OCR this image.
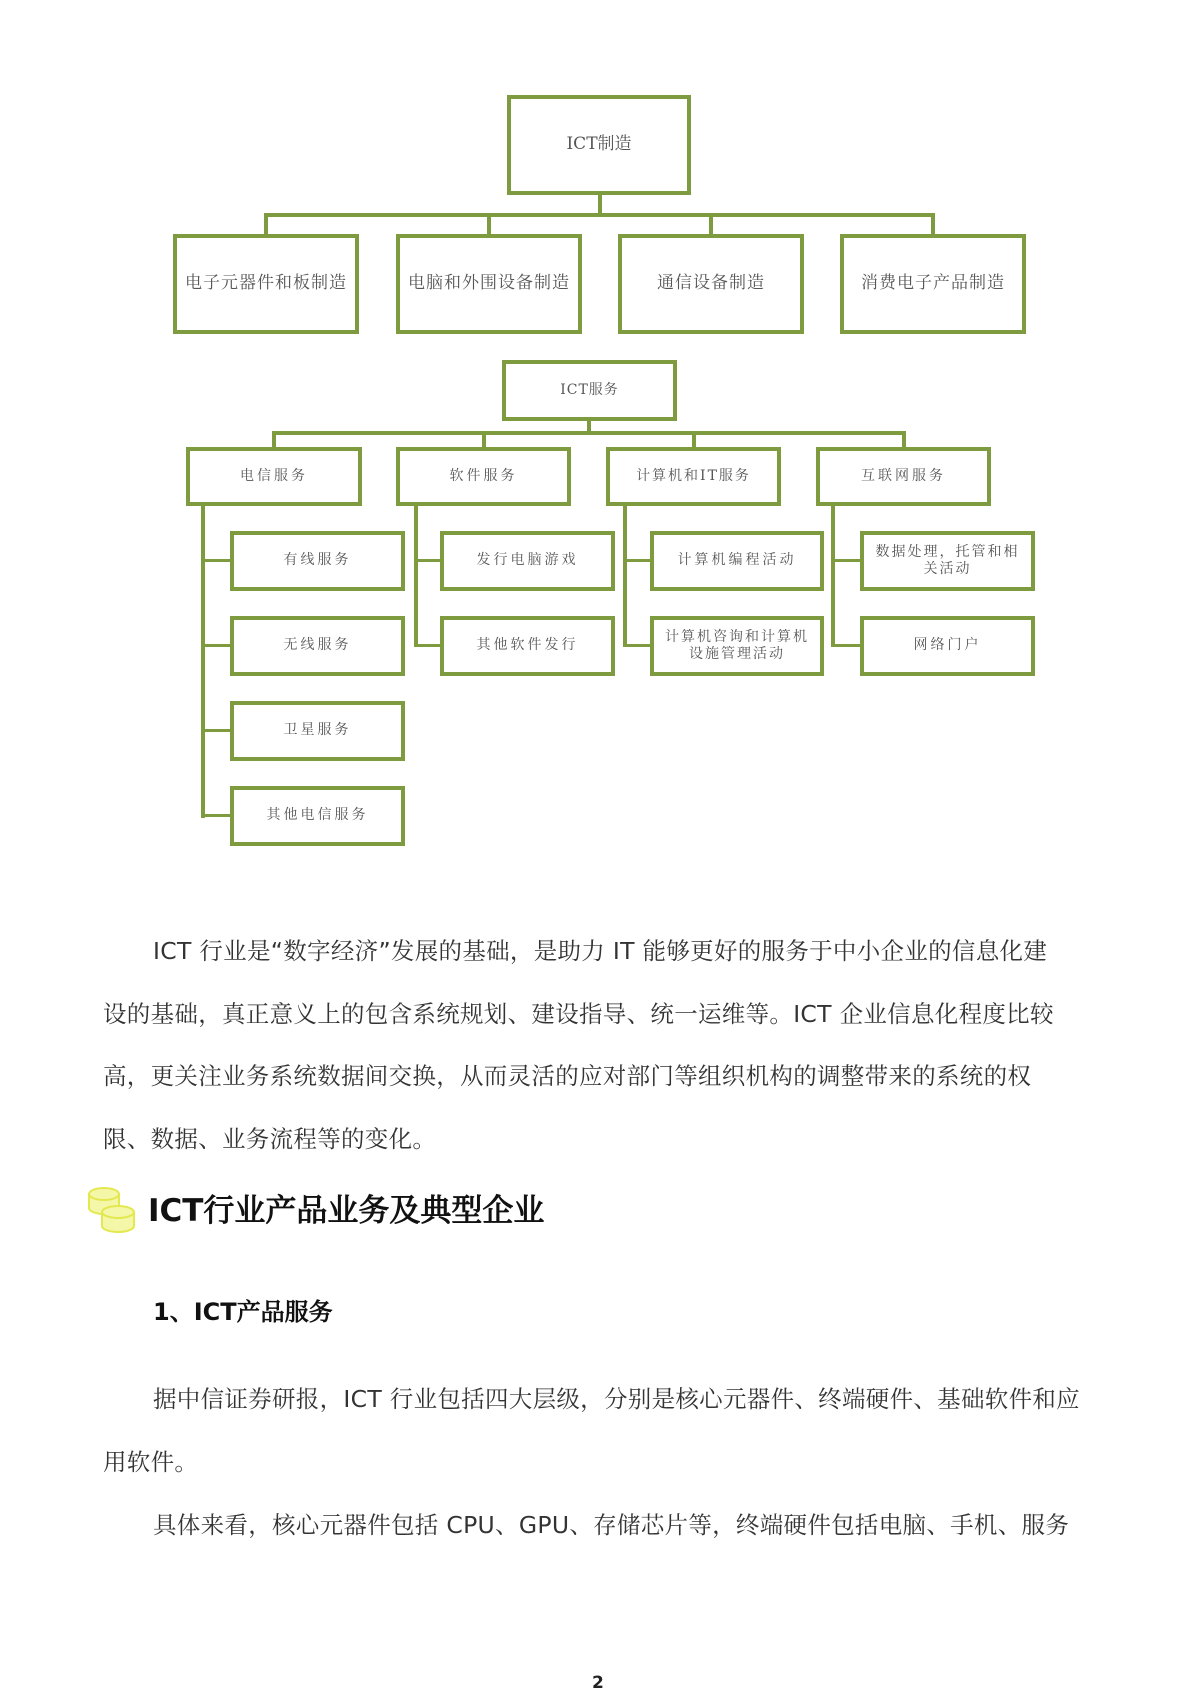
ICT制造
电子元器件和板制造	电脑和外围设备制造	通信设备制造	消费电子产品制造
ICT服务
电信服务	软件服务	计算机和IT服务	互联网服务
有线服务
无线服务
卫星服务
其他电信服务
发行电脑游戏
其他软件发行
计算机编程活动
计算机咨询和计算机设施管理活动
数据处理，托管和相关活动
网络门户
ICT 行业是“数字经济”发展的基础，是助力 IT 能够更好的服务于中小企业的信息化建
设的基础，真正意义上的包含系统规划、建设指导、统一运维等。ICT 企业信息化程度比较
高，更关注业务系统数据间交换，从而灵活的应对部门等组织机构的调整带来的系统的权
限、数据、业务流程等的变化。
ICT行业产品业务及典型企业
1、ICT产品服务
据中信证券研报，ICT 行业包括四大层级，分别是核心元器件、终端硬件、基础软件和应
用软件。
具体来看，核心元器件包括 CPU、GPU、存储芯片等，终端硬件包括电脑、手机、服务
2
